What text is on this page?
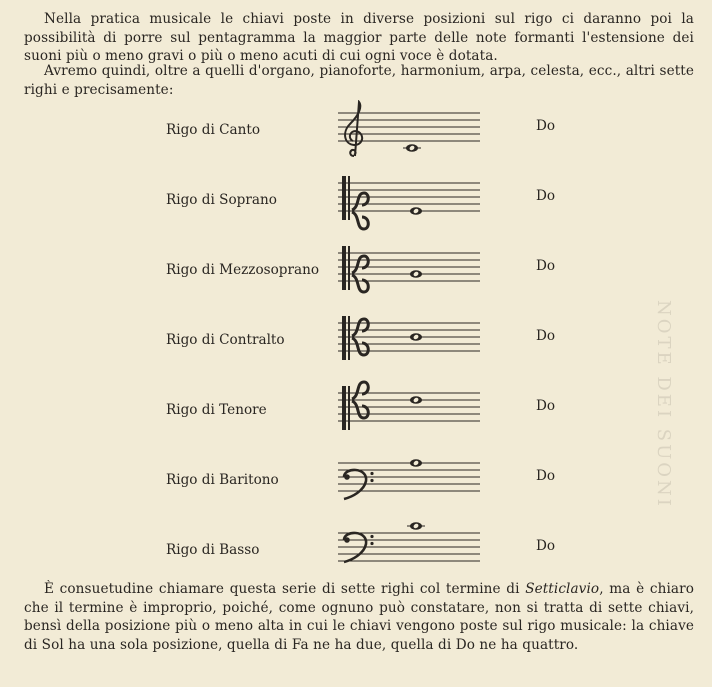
NOTE DEI SUONI

Nella pratica musicale le chiavi poste in diverse posizioni sul rigo ci daranno poi la possibilità di porre sul pentagramma la maggior parte delle note formanti l'estensione dei suoni più o meno gravi o più o meno acuti di cui ogni voce è dotata.

Avremo quindi, oltre a quelli d'organo, pianoforte, harmonium, arpa, celesta, ecc., altri sette righi e precisamente:

Rigo di Canto	Do
Rigo di Soprano	Do
Rigo di Mezzosoprano	Do
Rigo di Contralto	Do
Rigo di Tenore	Do
Rigo di Baritono	Do
Rigo di Basso	Do

È consuetudine chiamare questa serie di sette righi col termine di Setticlavio, ma è chiaro che il termine è improprio, poiché, come ognuno può constatare, non si tratta di sette chiavi, bensì della posizione più o meno alta in cui le chiavi vengono poste sul rigo musicale: la chiave di Sol ha una sola posizione, quella di Fa ne ha due, quella di Do ne ha quattro.
